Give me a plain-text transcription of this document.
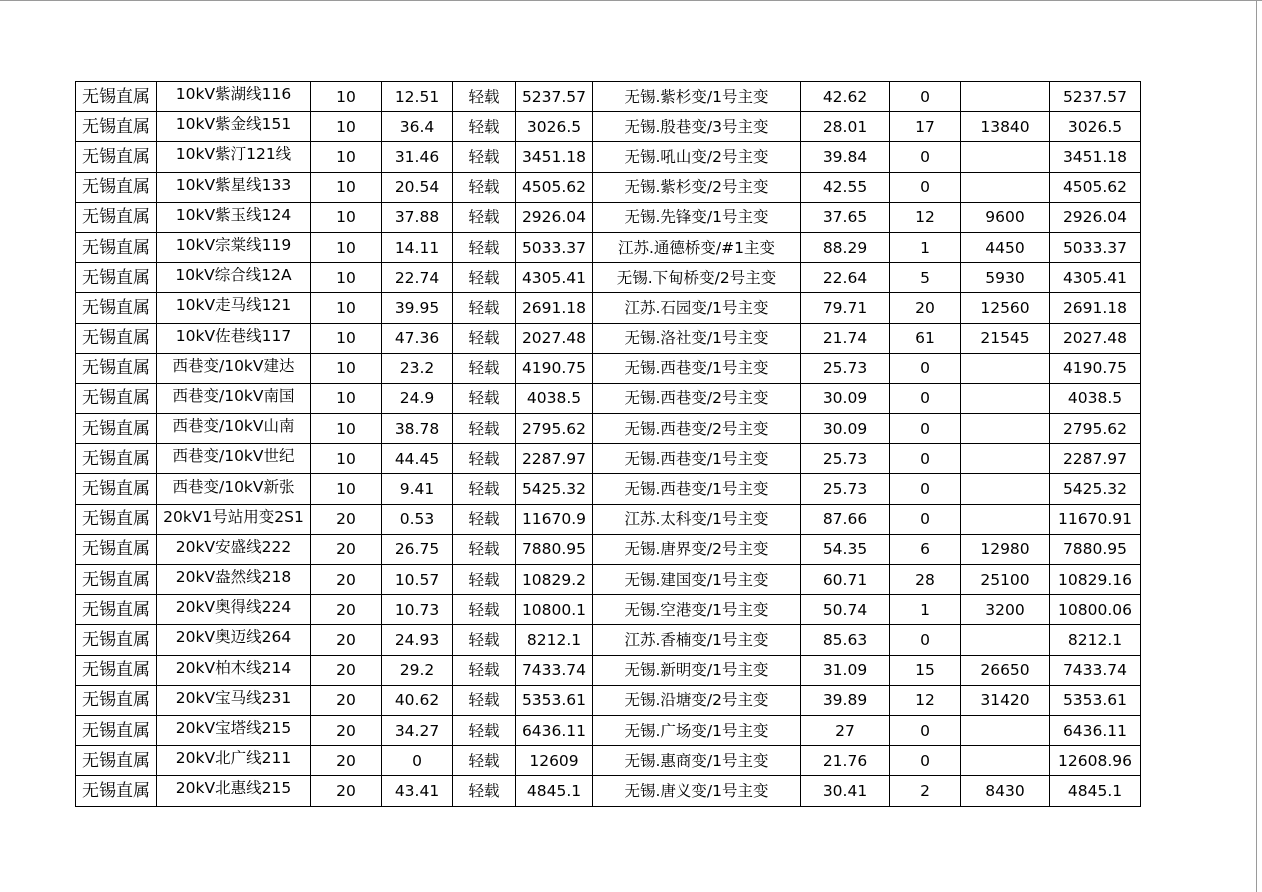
无锡直属	10kV紫湖线116	10	12.51	轻载	5237.57	无锡.紫杉变/1号主变	42.62	0		5237.57
无锡直属	10kV紫金线151	10	36.4	轻载	3026.5	无锡.殷巷变/3号主变	28.01	17	13840	3026.5
无锡直属	10kV紫汀121线	10	31.46	轻载	3451.18	无锡.吼山变/2号主变	39.84	0		3451.18
无锡直属	10kV紫星线133	10	20.54	轻载	4505.62	无锡.紫杉变/2号主变	42.55	0		4505.62
无锡直属	10kV紫玉线124	10	37.88	轻载	2926.04	无锡.先锋变/1号主变	37.65	12	9600	2926.04
无锡直属	10kV宗棠线119	10	14.11	轻载	5033.37	江苏.通德桥变/#1主变	88.29	1	4450	5033.37
无锡直属	10kV综合线12A	10	22.74	轻载	4305.41	无锡.下甸桥变/2号主变	22.64	5	5930	4305.41
无锡直属	10kV走马线121	10	39.95	轻载	2691.18	江苏.石园变/1号主变	79.71	20	12560	2691.18
无锡直属	10kV佐巷线117	10	47.36	轻载	2027.48	无锡.洛社变/1号主变	21.74	61	21545	2027.48
无锡直属	西巷变/10kV建达	10	23.2	轻载	4190.75	无锡.西巷变/1号主变	25.73	0		4190.75
无锡直属	西巷变/10kV南国	10	24.9	轻载	4038.5	无锡.西巷变/2号主变	30.09	0		4038.5
无锡直属	西巷变/10kV山南	10	38.78	轻载	2795.62	无锡.西巷变/2号主变	30.09	0		2795.62
无锡直属	西巷变/10kV世纪	10	44.45	轻载	2287.97	无锡.西巷变/1号主变	25.73	0		2287.97
无锡直属	西巷变/10kV新张	10	9.41	轻载	5425.32	无锡.西巷变/1号主变	25.73	0		5425.32
无锡直属	20kV1号站用变2S1	20	0.53	轻载	11670.9	江苏.太科变/1号主变	87.66	0		11670.91
无锡直属	20kV安盛线222	20	26.75	轻载	7880.95	无锡.唐界变/2号主变	54.35	6	12980	7880.95
无锡直属	20kV盎然线218	20	10.57	轻载	10829.2	无锡.建国变/1号主变	60.71	28	25100	10829.16
无锡直属	20kV奥得线224	20	10.73	轻载	10800.1	无锡.空港变/1号主变	50.74	1	3200	10800.06
无锡直属	20kV奥迈线264	20	24.93	轻载	8212.1	江苏.香楠变/1号主变	85.63	0		8212.1
无锡直属	20kV柏木线214	20	29.2	轻载	7433.74	无锡.新明变/1号主变	31.09	15	26650	7433.74
无锡直属	20kV宝马线231	20	40.62	轻载	5353.61	无锡.沿塘变/2号主变	39.89	12	31420	5353.61
无锡直属	20kV宝塔线215	20	34.27	轻载	6436.11	无锡.广场变/1号主变	27	0		6436.11
无锡直属	20kV北广线211	20	0	轻载	12609	无锡.惠商变/1号主变	21.76	0		12608.96
无锡直属	20kV北惠线215	20	43.41	轻载	4845.1	无锡.唐义变/1号主变	30.41	2	8430	4845.1
